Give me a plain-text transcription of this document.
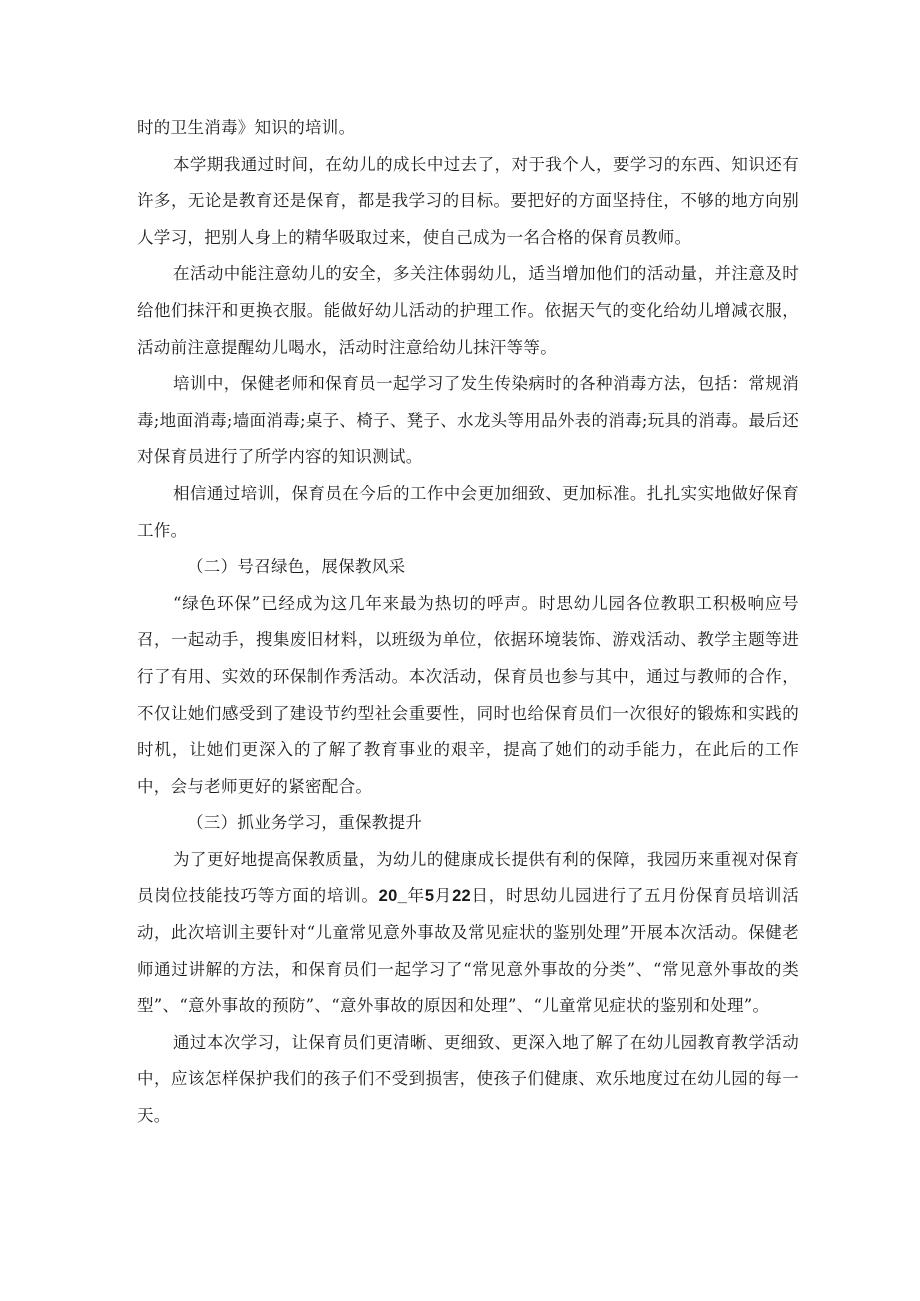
时的卫生消毒》知识的培训。

本学期我通过时间，在幼儿的成长中过去了，对于我个人，要学习的东西、知识还有许多，无论是教育还是保育，都是我学习的目标。要把好的方面坚持住，不够的地方向别人学习，把别人身上的精华吸取过来，使自己成为一名合格的保育员教师。

在活动中能注意幼儿的安全，多关注体弱幼儿，适当增加他们的活动量，并注意及时给他们抹汗和更换衣服。能做好幼儿活动的护理工作。依据天气的变化给幼儿增减衣服，活动前注意提醒幼儿喝水，活动时注意给幼儿抹汗等等。

培训中，保健老师和保育员一起学习了发生传染病时的各种消毒方法，包括：常规消毒;地面消毒;墙面消毒;桌子、椅子、凳子、水龙头等用品外表的消毒;玩具的消毒。最后还对保育员进行了所学内容的知识测试。

相信通过培训，保育员在今后的工作中会更加细致、更加标准。扎扎实实地做好保育工作。

（二）号召绿色，展保教风采

“绿色环保”已经成为这几年来最为热切的呼声。时思幼儿园各位教职工积极响应号召，一起动手，搜集废旧材料，以班级为单位，依据环境装饰、游戏活动、教学主题等进行了有用、实效的环保制作秀活动。本次活动，保育员也参与其中，通过与教师的合作，不仅让她们感受到了建设节约型社会重要性，同时也给保育员们一次很好的锻炼和实践的时机，让她们更深入的了解了教育事业的艰辛，提高了她们的动手能力，在此后的工作中，会与老师更好的紧密配合。

（三）抓业务学习，重保教提升

为了更好地提高保教质量，为幼儿的健康成长提供有利的保障，我园历来重视对保育员岗位技能技巧等方面的培训。20_年5月22日，时思幼儿园进行了五月份保育员培训活动，此次培训主要针对“儿童常见意外事故及常见症状的鉴别处理”开展本次活动。保健老师通过讲解的方法，和保育员们一起学习了“常见意外事故的分类”、“常见意外事故的类型”、“意外事故的预防”、“意外事故的原因和处理”、“儿童常见症状的鉴别和处理”。

通过本次学习，让保育员们更清晰、更细致、更深入地了解了在幼儿园教育教学活动中，应该怎样保护我们的孩子们不受到损害，使孩子们健康、欢乐地度过在幼儿园的每一天。
